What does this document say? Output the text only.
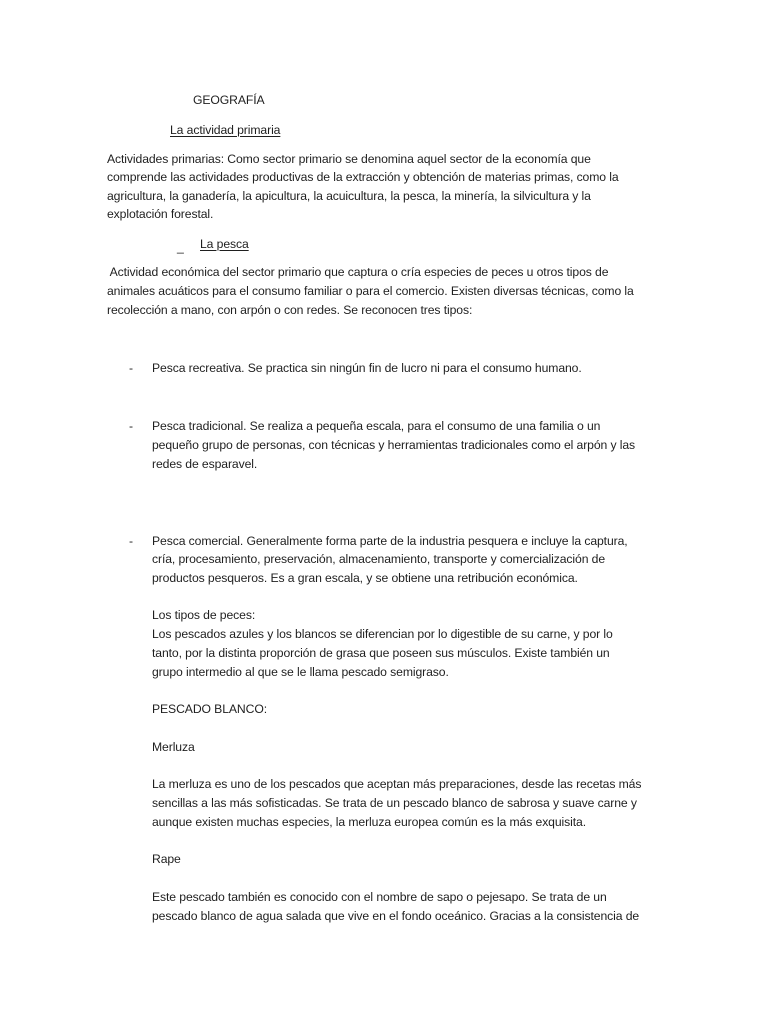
GEOGRAFÍA
La actividad primaria
Actividades primarias: Como sector primario se denomina aquel sector de la economía que
comprende las actividades productivas de la extracción y obtención de materias primas, como la
agricultura, la ganadería, la apicultura, la acuicultura, la pesca, la minería, la silvicultura y la
explotación forestal.
_ La pesca
Actividad económica del sector primario que captura o cría especies de peces u otros tipos de
animales acuáticos para el consumo familiar o para el comercio. Existen diversas técnicas, como la
recolección a mano, con arpón o con redes. Se reconocen tres tipos:
- Pesca recreativa. Se practica sin ningún fin de lucro ni para el consumo humano.
- Pesca tradicional. Se realiza a pequeña escala, para el consumo de una familia o un
pequeño grupo de personas, con técnicas y herramientas tradicionales como el arpón y las
redes de esparavel.
- Pesca comercial. Generalmente forma parte de la industria pesquera e incluye la captura,
cría, procesamiento, preservación, almacenamiento, transporte y comercialización de
productos pesqueros. Es a gran escala, y se obtiene una retribución económica.
Los tipos de peces:
Los pescados azules y los blancos se diferencian por lo digestible de su carne, y por lo
tanto, por la distinta proporción de grasa que poseen sus músculos. Existe también un
grupo intermedio al que se le llama pescado semigraso.
PESCADO BLANCO:
Merluza
La merluza es uno de los pescados que aceptan más preparaciones, desde las recetas más
sencillas a las más sofisticadas. Se trata de un pescado blanco de sabrosa y suave carne y
aunque existen muchas especies, la merluza europea común es la más exquisita.
Rape
Este pescado también es conocido con el nombre de sapo o pejesapo. Se trata de un
pescado blanco de agua salada que vive en el fondo oceánico. Gracias a la consistencia de
